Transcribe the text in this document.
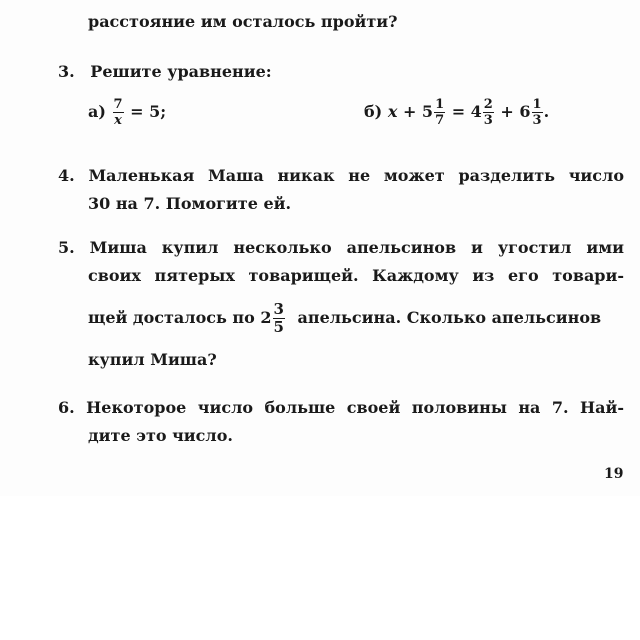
расстояние им осталось пройти?
3. Решите уравнение:
$а) \frac{7}{x} = 5$;	б) $x + 5 \frac{1}{7} = 4 \frac{2}{3} + 6 \frac{1}{3}$ .
4. Маленькая Маша никак не может разделить число
30 на 7. Помогите ей.
5. Миша купил несколько апельсинов и угостил ими
своих пятерых товарищей. Каждому из его товари-
щей досталось по $2 \frac{3}{5}$ апельсина. Сколько апельсинов
купил Миша?
6. Некоторое число больше своей половины на 7. Най-
дите это число.
19
